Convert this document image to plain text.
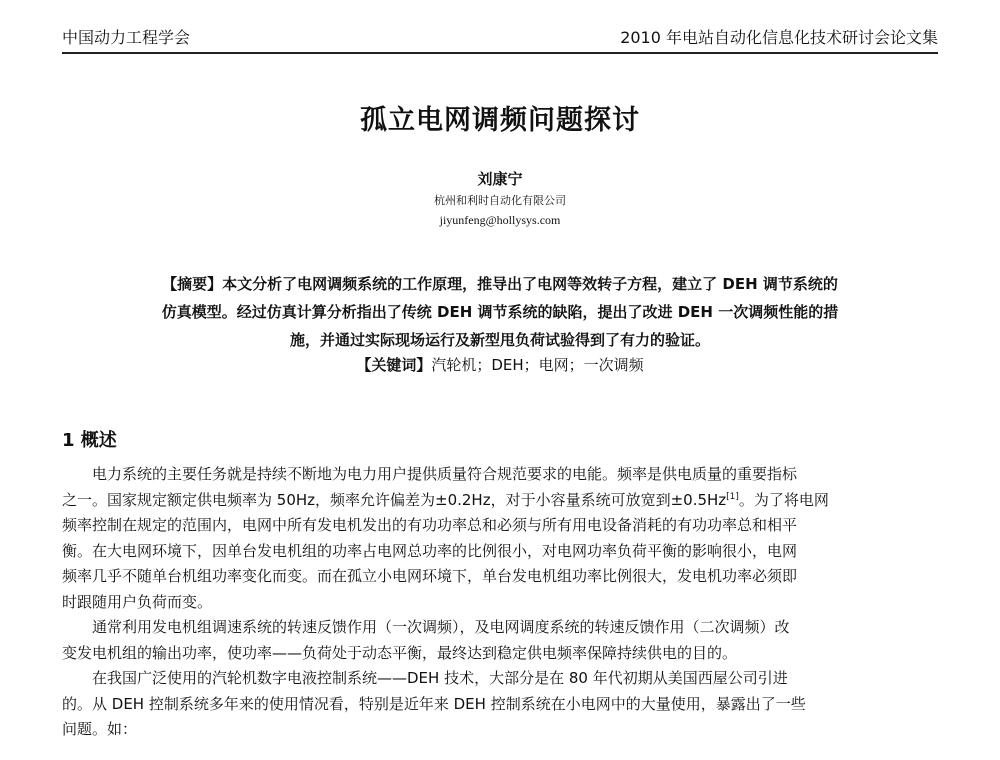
中国动力工程学会	2010 年电站自动化信息化技术研讨会论文集
孤立电网调频问题探讨
刘康宁
杭州和利时自动化有限公司
jiyunfeng@hollysys.com
【摘要】本文分析了电网调频系统的工作原理，推导出了电网等效转子方程，建立了 DEH 调节系统的
仿真模型。经过仿真计算分析指出了传统 DEH 调节系统的缺陷，提出了改进 DEH 一次调频性能的措
施，并通过实际现场运行及新型甩负荷试验得到了有力的验证。
【关键词】汽轮机；DEH；电网；一次调频
1 概述
电力系统的主要任务就是持续不断地为电力用户提供质量符合规范要求的电能。频率是供电质量的重要指标
之一。国家规定额定供电频率为 50Hz，频率允许偏差为±0.2Hz，对于小容量系统可放宽到±0.5Hz[1]。为了将电网
频率控制在规定的范围内，电网中所有发电机发出的有功功率总和必须与所有用电设备消耗的有功功率总和相平
衡。在大电网环境下，因单台发电机组的功率占电网总功率的比例很小，对电网功率负荷平衡的影响很小，电网
频率几乎不随单台机组功率变化而变。而在孤立小电网环境下，单台发电机组功率比例很大，发电机功率必须即
时跟随用户负荷而变。
通常利用发电机组调速系统的转速反馈作用（一次调频），及电网调度系统的转速反馈作用（二次调频）改
变发电机组的输出功率，使功率——负荷处于动态平衡，最终达到稳定供电频率保障持续供电的目的。
在我国广泛使用的汽轮机数字电液控制系统——DEH 技术，大部分是在 80 年代初期从美国西屋公司引进
的。从 DEH 控制系统多年来的使用情况看，特别是近年来 DEH 控制系统在小电网中的大量使用，暴露出了一些
问题。如：
